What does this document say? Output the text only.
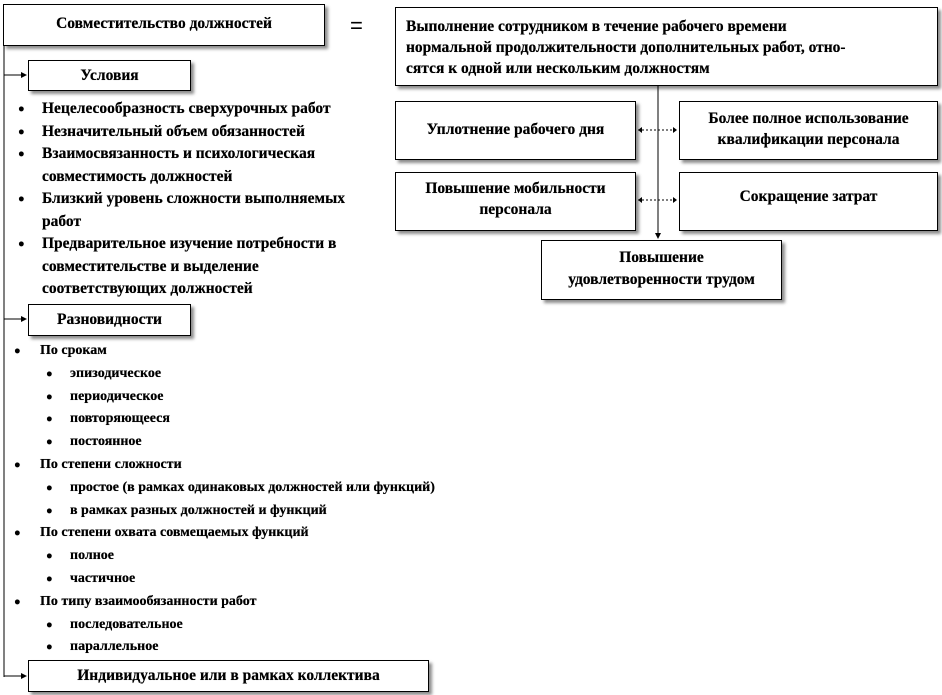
Совместительство должностей	=	Выполнение сотрудником в течение рабочего времени
нормальной продолжительности дополнительных работ, отно-
сятся к одной или нескольким должностям
Уплотнение рабочего дня
Более полное использование
квалификации персонала
Повышение мобильности
персонала
Сокращение затрат
Повышение
удовлетворенности трудом
Условия
● Нецелесообразность сверхурочных работ
● Незначительный объем обязанностей
● Взаимосвязанность и психологическая
совместимость должностей
● Близкий уровень сложности выполняемых
работ
● Предварительное изучение потребности в
совместительстве и выделение
соответствующих должностей
Разновидности
● По срокам
● эпизодическое
● периодическое
● повторяющееся
● постоянное
● По степени сложности
● простое (в рамках одинаковых должностей или функций)
● в рамках разных должностей и функций
● По степени охвата совмещаемых функций
● полное
● частичное
● По типу взаимообязанности работ
● последовательное
● параллельное
Индивидуальное или в рамках коллектива
